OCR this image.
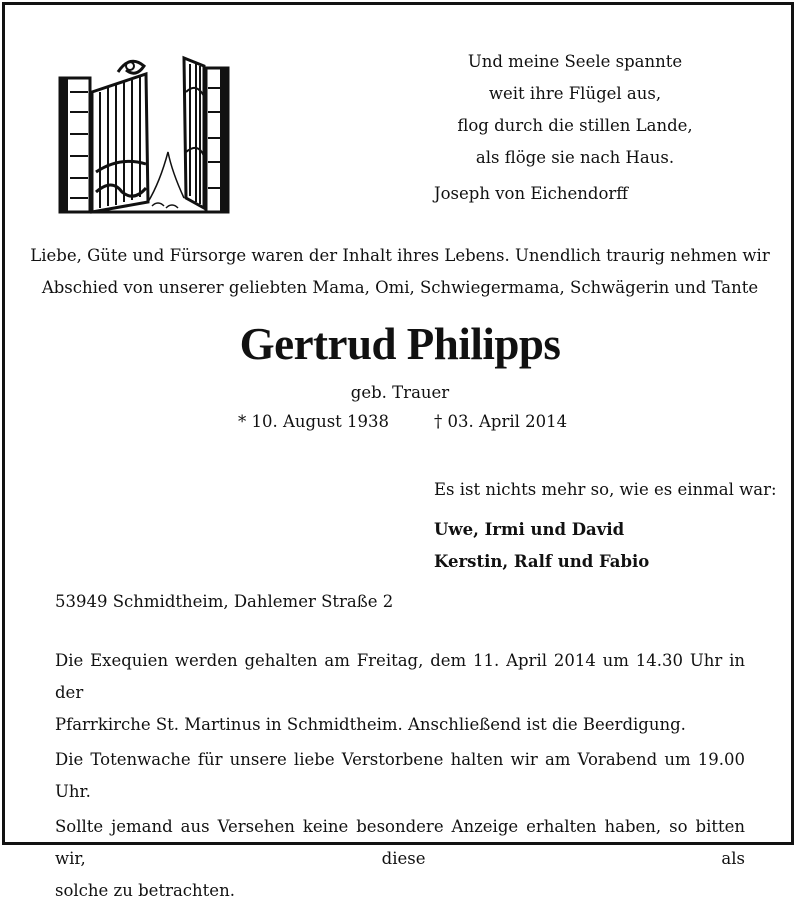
Und meine Seele spannte
weit ihre Flügel aus,
flog durch die stillen Lande,
als flöge sie nach Haus.
Joseph von Eichendorff
Liebe, Güte und Fürsorge waren der Inhalt ihres Lebens. Unendlich traurig nehmen wir
Abschied von unserer geliebten Mama, Omi, Schwiegermama, Schwägerin und Tante
Gertrud Philipps
geb. Trauer
* 10. August 1938	† 03. April 2014
Es ist nichts mehr so, wie es einmal war:
Uwe, Irmi und David
Kerstin, Ralf und Fabio
53949 Schmidtheim, Dahlemer Straße 2

Die Exequien werden gehalten am Freitag, dem 11. April 2014 um 14.30 Uhr in der
Pfarrkirche St. Martinus in Schmidtheim. Anschließend ist die Beerdigung.

Die Totenwache für unsere liebe Verstorbene halten wir am Vorabend um 19.00 Uhr.

Sollte jemand aus Versehen keine besondere Anzeige erhalten haben, so bitten wir, diese als
solche zu betrachten.
